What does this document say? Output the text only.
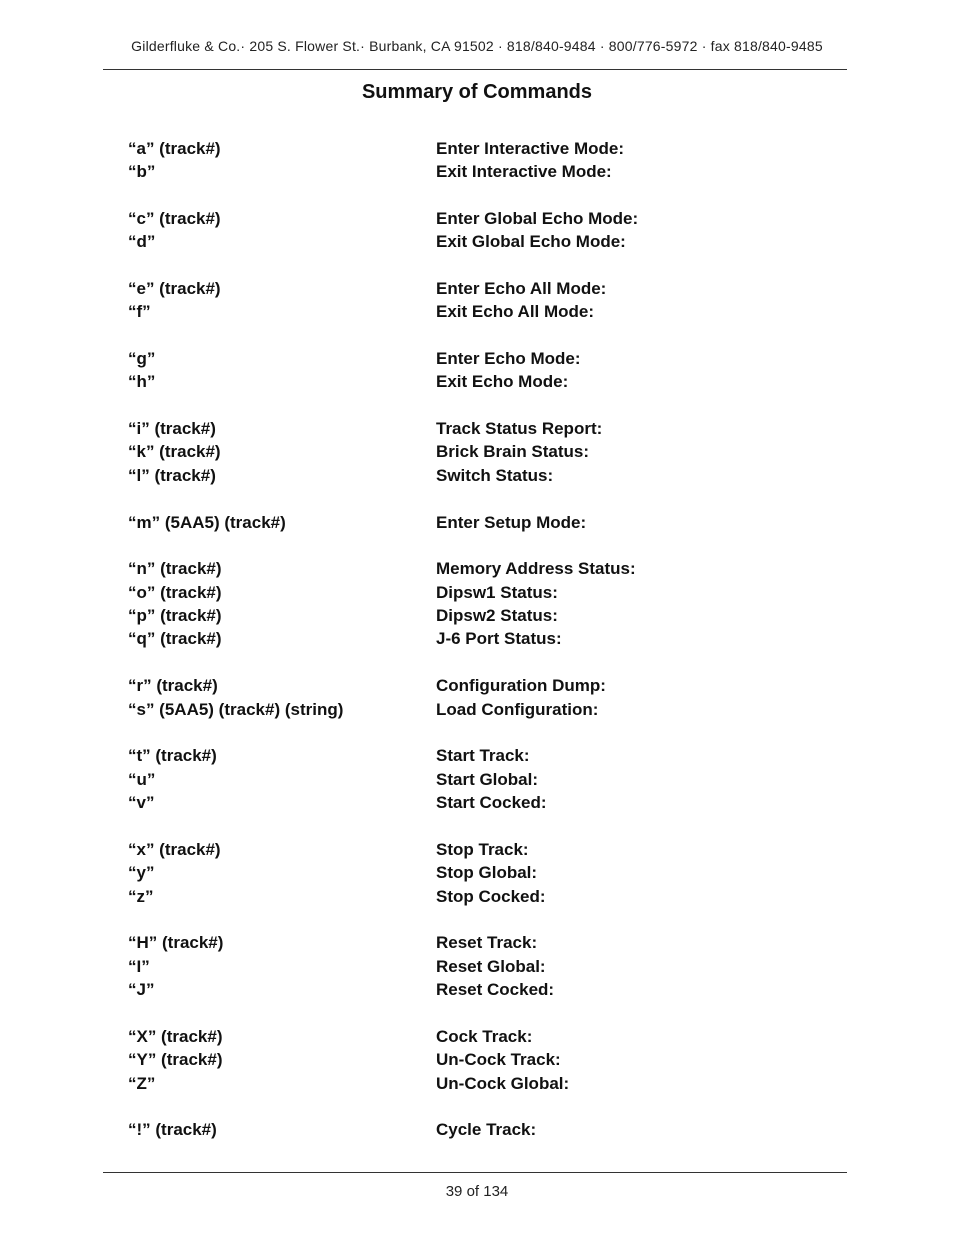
Gilderfluke & Co.· 205 S. Flower St.· Burbank, CA 91502 · 818/840-9484 · 800/776-5972 · fax 818/840-9485
Summary of Commands
“a” (track#)	Enter Interactive Mode:
“b”	Exit Interactive Mode:
“c” (track#)	Enter Global Echo Mode:
“d”	Exit Global Echo Mode:
“e” (track#)	Enter Echo All Mode:
“f”	Exit Echo All Mode:
“g”	Enter Echo Mode:
“h”	Exit Echo Mode:
“i” (track#)	Track Status Report:
“k” (track#)	Brick Brain Status:
“l” (track#)	Switch Status:
“m” (5AA5) (track#)	Enter Setup Mode:
“n” (track#)	Memory Address Status:
“o” (track#)	Dipsw1 Status:
“p” (track#)	Dipsw2 Status:
“q” (track#)	J-6 Port Status:
“r” (track#)	Configuration Dump:
“s” (5AA5) (track#) (string)	Load Configuration:
“t” (track#)	Start Track:
“u”	Start Global:
“v”	Start Cocked:
“x” (track#)	Stop Track:
“y”	Stop Global:
“z”	Stop Cocked:
“H” (track#)	Reset Track:
“I”	Reset Global:
“J”	Reset Cocked:
“X” (track#)	Cock Track:
“Y” (track#)	Un-Cock Track:
“Z”	Un-Cock Global:
“!” (track#)	Cycle Track:
39 of 134
